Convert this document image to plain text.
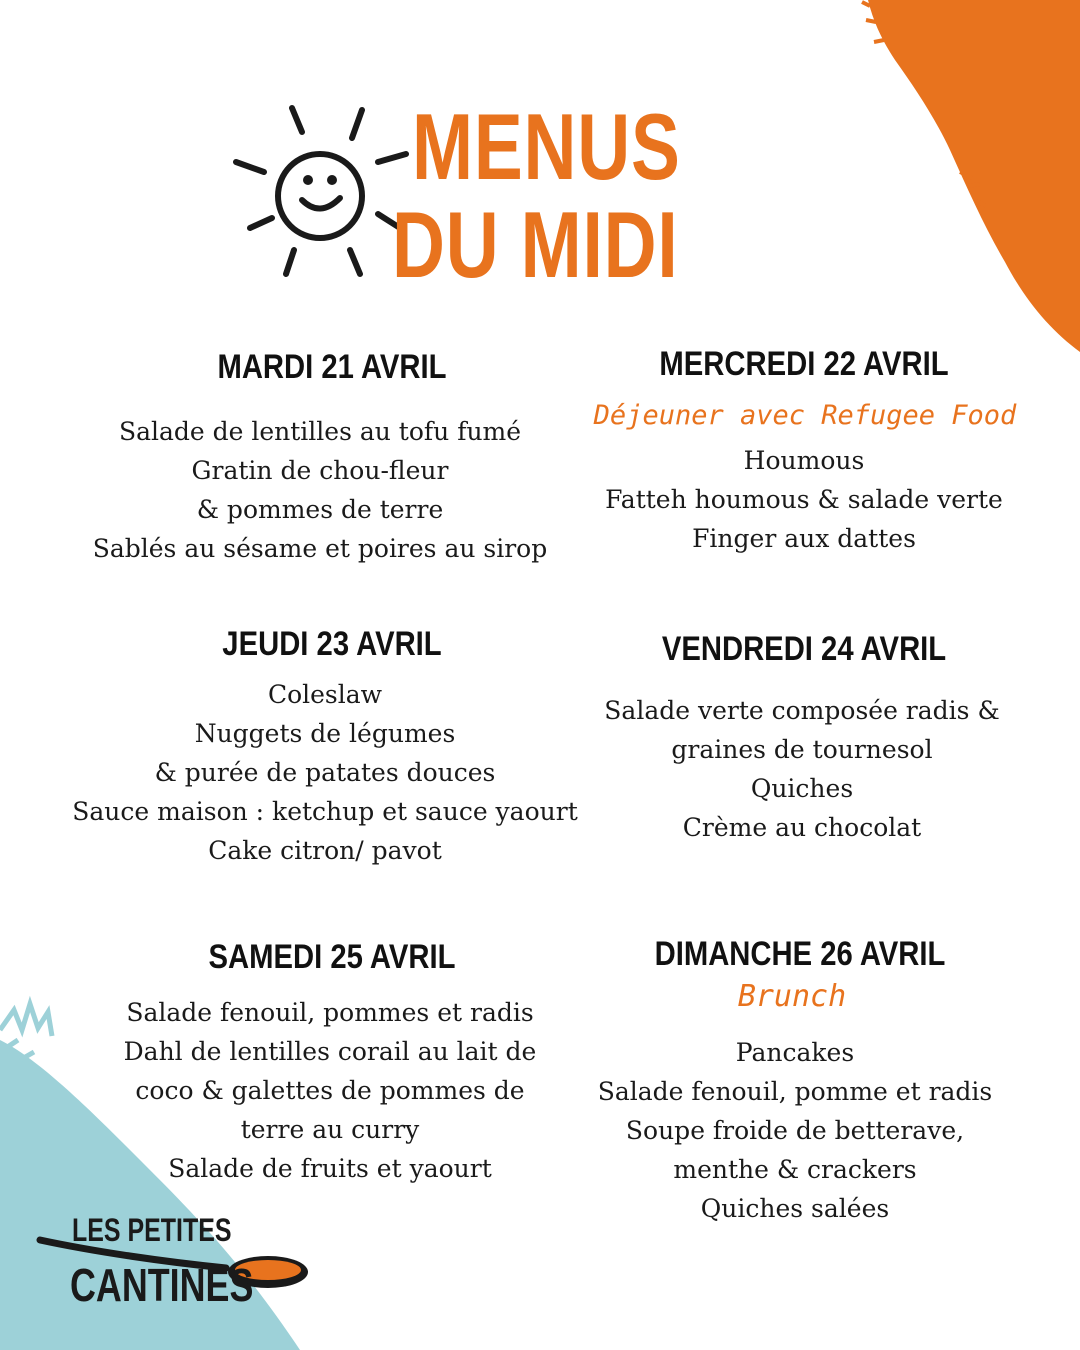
MENUS
DU MIDI
MARDI 21 AVRIL
Salade de lentilles au tofu fumé
Gratin de chou-fleur
& pommes de terre
Sablés au sésame et poires au sirop
MERCREDI 22 AVRIL
Déjeuner avec Refugee Food
Houmous
Fatteh houmous & salade verte
Finger aux dattes
JEUDI 23 AVRIL
Coleslaw
Nuggets de légumes
& purée de patates douces
Sauce maison : ketchup et sauce yaourt
Cake citron/ pavot
VENDREDI 24 AVRIL
Salade verte composée radis &
graines de tournesol
Quiches
Crème au chocolat
SAMEDI 25 AVRIL
Salade fenouil, pommes et radis
Dahl de lentilles corail au lait de
coco & galettes de pommes de
terre au curry
Salade de fruits et yaourt
DIMANCHE 26 AVRIL
Brunch
Pancakes
Salade fenouil, pomme et radis
Soupe froide de betterave,
menthe & crackers
Quiches salées
LES PETITES
CANTINES
